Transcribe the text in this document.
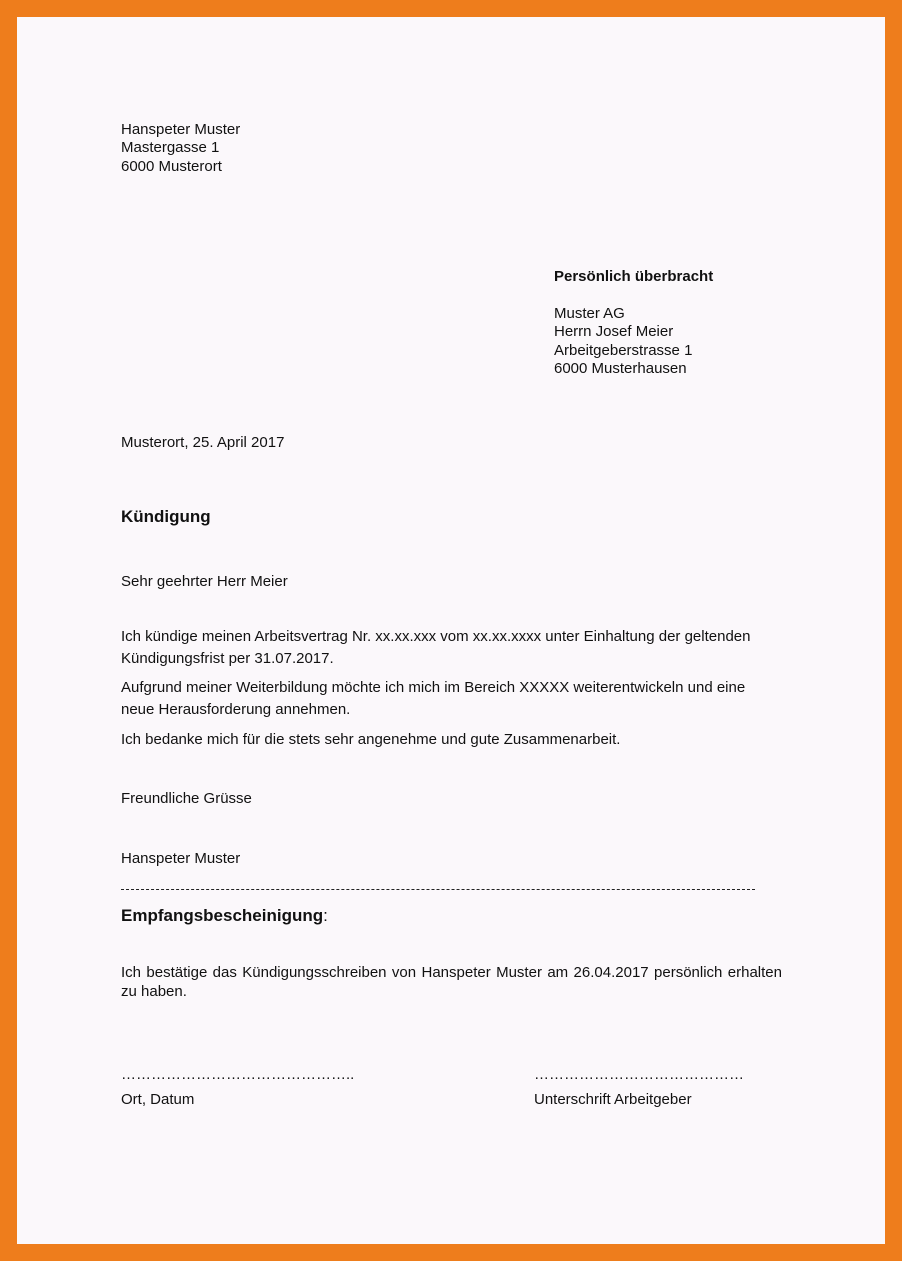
Hanspeter Muster
Mastergasse 1
6000 Musterort
Persönlich überbracht
Muster AG
Herrn Josef Meier
Arbeitgeberstrasse 1
6000 Musterhausen
Musterort, 25. April 2017
Kündigung
Sehr geehrter Herr Meier
Ich kündige meinen Arbeitsvertrag Nr. xx.xx.xxx vom xx.xx.xxxx unter Einhaltung der geltenden
Kündigungsfrist per 31.07.2017.
Aufgrund meiner Weiterbildung möchte ich mich im Bereich XXXXX weiterentwickeln und eine
neue Herausforderung annehmen.
Ich bedanke mich für die stets sehr angenehme und gute Zusammenarbeit.
Freundliche Grüsse
Hanspeter Muster
Empfangsbescheinigung:
Ich bestätige das Kündigungsschreiben von Hanspeter Muster am 26.04.2017 persönlich erhalten zu haben.
………………………………………..
Ort, Datum
……………………………………
Unterschrift Arbeitgeber
